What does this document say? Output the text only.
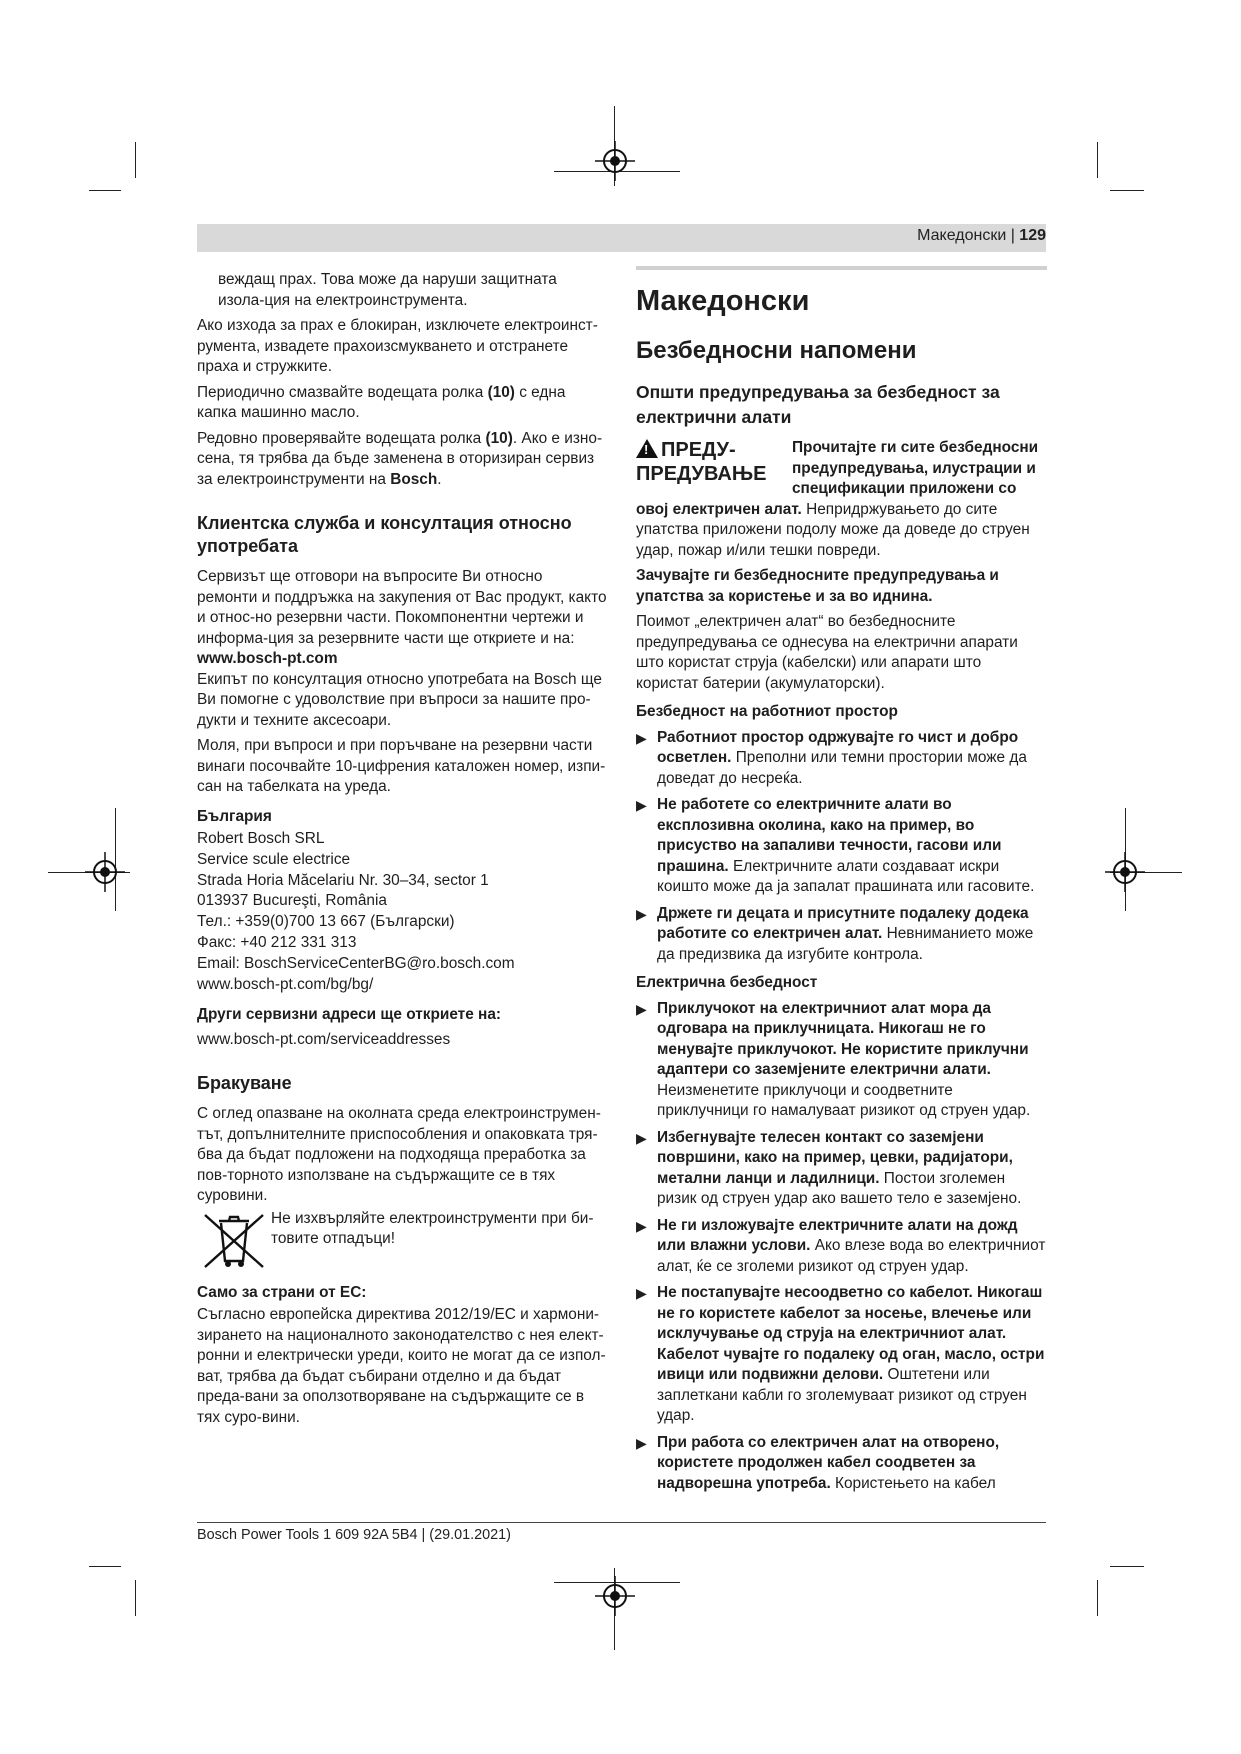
Македонски | 129

веждащ прах. Това може да наруши защитната изола-ция на електроинструмента.

Ако изхода за прах е блокиран, изключете електроинст-румента, извадете прахоизсмукването и отстранете праха и стружките.

Периодично смазвайте водещата ролка (10) с една капка машинно масло.

Редовно проверявайте водещата ролка (10). Ако е изно-сена, тя трябва да бъде заменена в оторизиран сервиз за електроинструменти на Bosch.

Клиентска служба и консултация относно употребата

Сервизът ще отговори на въпросите Ви относно ремонти и поддръжка на закупения от Вас продукт, както и относ-но резервни части. Покомпонентни чертежи и информа-ция за резервните части ще откриете и на:

www.bosch-pt.com

Екипът по консултация относно употребата на Bosch ще Ви помогне с удоволствие при въпроси за нашите про-дукти и техните аксесоари.

Моля, при въпроси и при поръчване на резервни части винаги посочвайте 10-цифрения каталожен номер, изпи-сан на табелката на уреда.

България
Robert Bosch SRL
Service scule electrice
Strada Horia Măcelariu Nr. 30–34, sector 1
013937 Bucureşti, România
Тел.: +359(0)700 13 667 (Български)
Факс: +40 212 331 313
Email: BoschServiceCenterBG@ro.bosch.com
www.bosch-pt.com/bg/bg/
Други сервизни адреси ще откриете на:
www.bosch-pt.com/serviceaddresses
Бракуване

С оглед опазване на околната среда електроинструмен-тът, допълнителните приспособления и опаковката тря-бва да бъдат подложени на подходяща преработка за пов-торното използване на съдържащите се в тях суровини.

Не изхвърляйте електроинструменти при би-товите отпадъци!
Само за страни от ЕС:

Съгласно европейска директива 2012/19/ЕС и хармони-зирането на националното законодателство с нея елект-ронни и електрически уреди, които не могат да се изпол-ват, трябва да бъдат събирани отделно и да бъдат преда-вани за оползотворяване на съдържащите се в тях суро-вини.

Македонски
Безбедносни напомени
Општи предупредувања за безбедност за електрични алати
! ПРЕДУ-ПРЕДУВАЊЕ
Прочитајте ги сите безбедносни предупредувања, илустрации и спецификации приложени со

овој електричен алат. Непридржувањето до сите упатства приложени подолу може да доведе до струен удар, пожар и/или тешки повреди.

Зачувајте ги безбедносните предупредувања и упатства за користење и за во иднина.

Поимот „електричен алат“ во безбедносните предупредувања се однесува на електрични апарати што користат струја (кабелски) или апарати што користат батерии (акумулаторски).

Безбедност на работниот простор
▶ Работниот простор одржувајте го чист и добро осветлен. Преполни или темни простории може да доведат до несреќа.
▶ Не работете со електричните алати во експлозивна околина, како на пример, во присуство на запаливи течности, гасови или прашина. Електричните алати создаваат искри коишто може да ја запалат прашината или гасовите.
▶ Држете ги децата и присутните подалеку додека работите со електричен алат. Невниманието може да предизвика да изгубите контрола.
Електрична безбедност
▶ Приклучокот на електричниот алат мора да одговара на приклучницата. Никогаш не го менувајте приклучокот. Не користите приклучни адаптери со заземјените електрични алати. Неизменетите приклучоци и соодветните приклучници го намалуваат ризикот од струен удар.
▶ Избегнувајте телесен контакт со заземјени површини, како на пример, цевки, радијатори, метални ланци и ладилници. Постои зголемен ризик од струен удар ако вашето тело е заземјено.
▶ Не ги изложувајте електричните алати на дожд или влажни услови. Ако влезе вода во електричниот алат, ќе се зголеми ризикот од струен удар.
▶ Не постапувајте несоодветно со кабелот. Никогаш не го користете кабелот за носење, влечење или исклучување од струја на електричниот алат. Кабелот чувајте го подалеку од оган, масло, остри ивици или подвижни делови. Оштетени или заплеткани кабли го зголемуваат ризикот од струен удар.
▶ При работа со електричен алат на отворено, користете продолжен кабел соодветен за надворешна употреба. Користењето на кабел
Bosch Power Tools 1 609 92A 5B4 | (29.01.2021)
